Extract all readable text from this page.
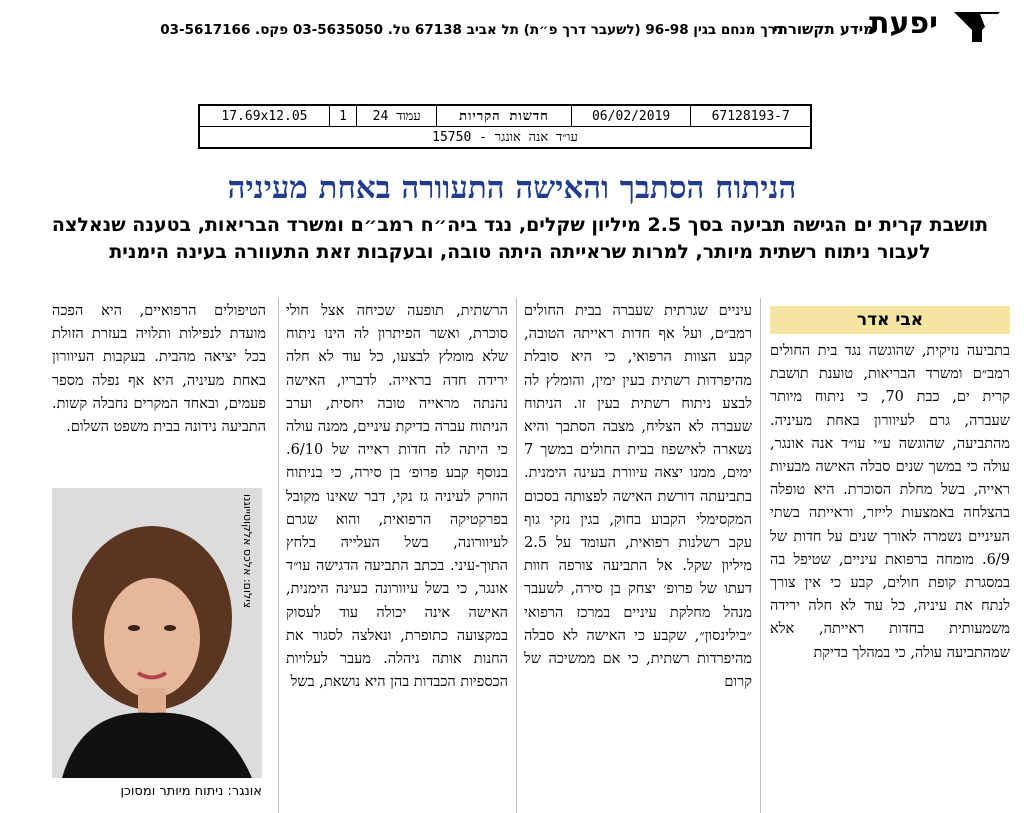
יפעת
מידע תקשורתי
דרך מנחם בגין 96-98 (לשעבר דרך פ״ת) תל אביב 67138 טל. 03-5635050 פקס. 03-5617166
67128193-7	06/02/2019	חדשות הקריות	עמוד 24	1	17.69x12.05
עו״ד אנה אונגר - 15750
הניתוח הסתבך והאישה התעוורה באחת מעיניה
תושבת קרית ים הגישה תביעה בסך 2.5 מיליון שקלים, נגד ביה״ח רמב״ם ומשרד הבריאות, בטענה שנאלצה לעבור ניתוח רשתית מיותר, למרות שראייתה היתה טובה, ובעקבות זאת התעוורה בעינה הימנית
אבי אדר
בתביעה נזיקית, שהוגשה נגד בית החולים רמב״ם ומשרד הבריאות, טוענת תושבת קרית ים, כבת 70, כי ניתוח מיותר שעברה, גרם לעיוורון באחת מעיניה. מהתביעה, שהוגשה ע״י עו״ד אנה אונגר, עולה כי במשך שנים סבלה האישה מבעיות ראייה, בשל מחלת הסוכרת. היא טופלה בהצלחה באמצעות לייזר, וראייתה בשתי העיניים נשמרה לאורך שנים על חדות של 6/9. מומחה ברפואת עיניים, שטיפל בה במסגרת קופת חולים, קבע כי אין צורך לנתח את עיניה, כל עוד לא חלה ירידה משמעותית בחדות ראייתה, אלא שמהתביעה עולה, כי במהלך בדיקת
עיניים שגרתית שעברה בבית החולים רמב״ם, ועל אף חדות ראייתה הטובה, קבע הצוות הרפואי, כי היא סובלת מהיפרדות רשתית בעין ימין, והומלץ לה לבצע ניתוח רשתית בעין זו. הניתוח שעברה לא הצליח, מצבה הסתבך והיא נשארה לאישפוז בבית החולים במשך 7 ימים, ממנו יצאה עיוורת בעינה הימנית. בתביעתה דורשת האישה לפצותה בסכום המקסימלי הקבוע בחוק, בגין נזקי גוף עקב רשלנות רפואית, העומד על 2.5 מיליון שקל. אל התביעה צורפה חוות דעתו של פרופ׳ יצחק בן סירה, לשעבר מנהל מחלקת עיניים במרכז הרפואי ״בילינסון״, שקבע כי האישה לא סבלה מהיפרדות רשתית, כי אם ממשיכה של קרום
הרשתית, תופעה שכיחה אצל חולי סוכרת, ואשר הפיתרון לה הינו ניתוח שלא מומלץ לבצעו, כל עוד לא חלה ירידה חדה בראייה. לדבריו, האישה נהנתה מראייה טובה יחסית, וערב הניתוח עברה בדיקת עיניים, ממנה עולה כי היתה לה חדות ראייה של 6/10. בנוסף קבע פרופ׳ בן סירה, כי בניתוח הוזרק לעיניה גז נקי, דבר שאינו מקובל בפרקטיקה הרפואית, והוא שגרם לעיוורונה, בשל העלייה בלחץ התוך-עיני. בכתב התביעה הדגישה עו״ד אונגר, כי בשל עיוורונה בעינה הימנית, האישה אינה יכולה עוד לעסוק במקצועה כתופרת, ונאלצה לסגור את החנות אותה ניהלה. מעבר לעלויות הכספיות הכבדות בהן היא נושאת, בשל
הטיפולים הרפואיים, היא הפכה מועדת לנפילות ותלויה בעזרת הזולת בכל יציאה מהבית. בעקבות העיוורון באחת מעיניה, היא אף נפלה מספר פעמים, ובאחד המקרים נחבלה קשות. התביעה נידונה בבית משפט השלום.
צילום: אלכס אלקוטייוגנו
אונגר: ניתוח מיותר ומסוכן
